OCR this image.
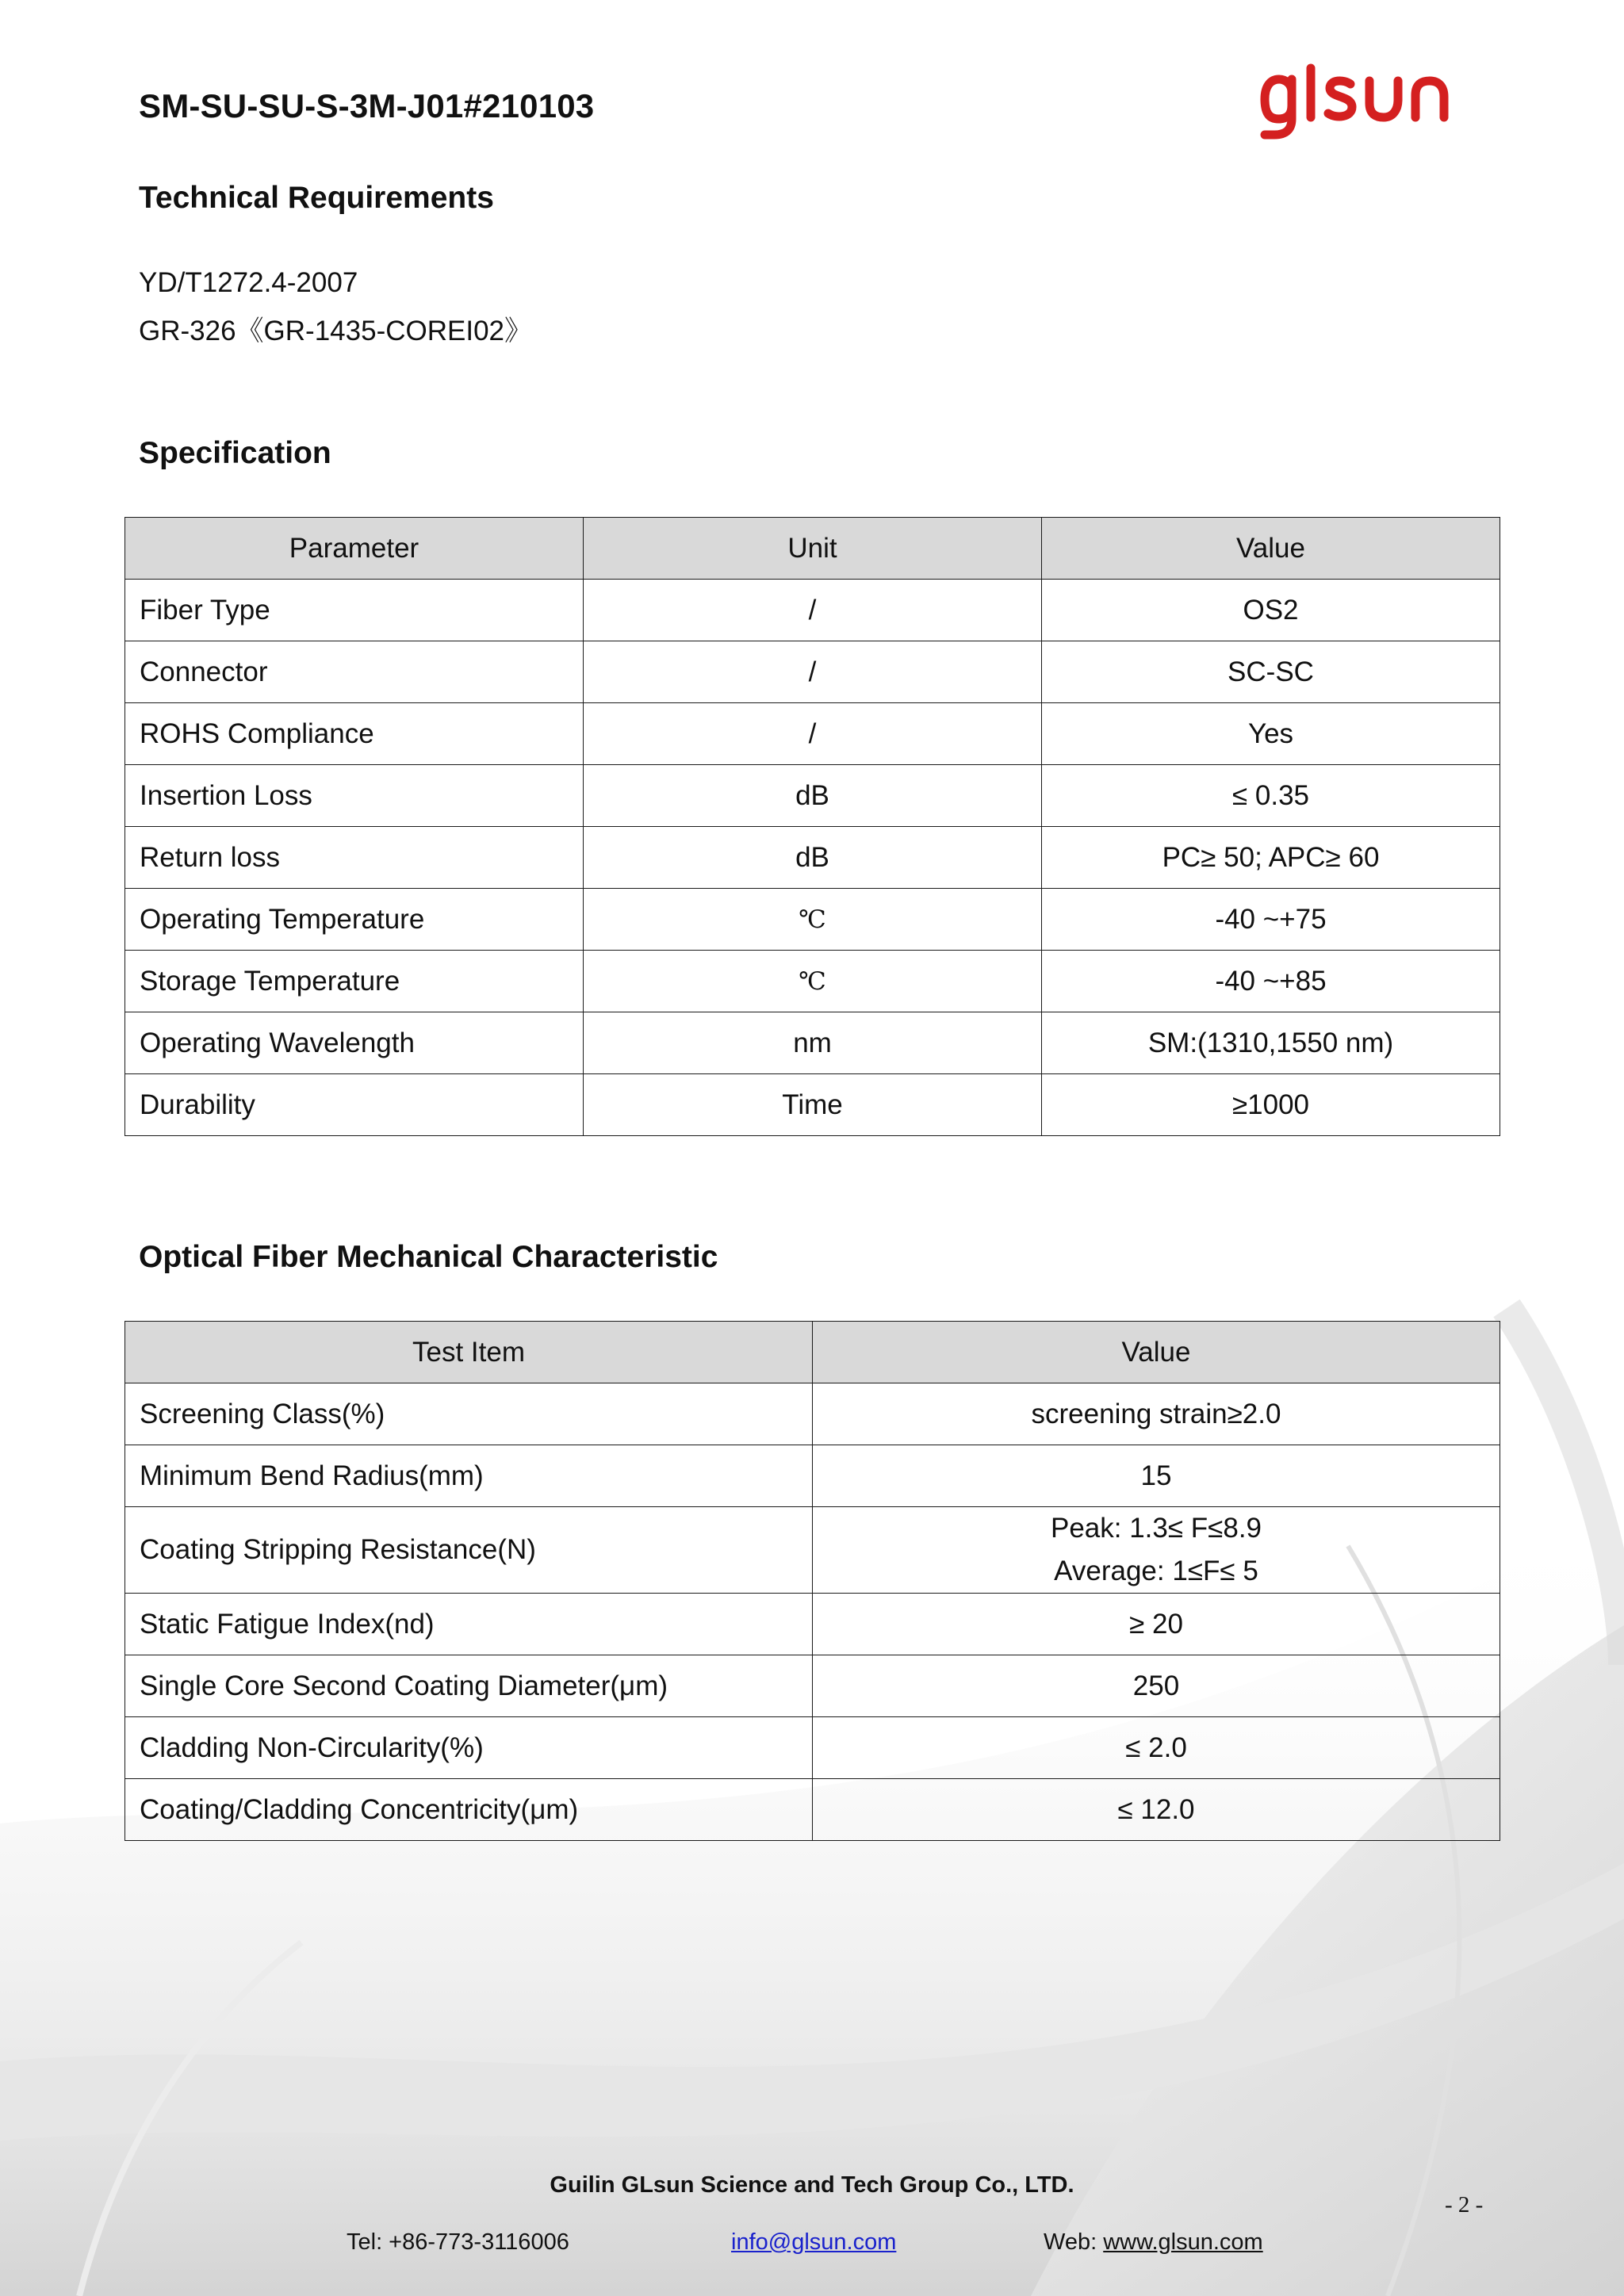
SM-SU-SU-S-3M-J01#210103
Technical Requirements
YD/T1272.4-2007
GR-326《GR-1435-COREI02》
Specification
Parameter	Unit	Value
Fiber Type	/	OS2
Connector	/	SC-SC
ROHS Compliance	/	Yes
Insertion Loss	dB	≤ 0.35
Return loss	dB	PC≥ 50; APC≥ 60
Operating Temperature	℃	-40 ~+75
Storage Temperature	℃	-40 ~+85
Operating Wavelength	nm	SM:(1310,1550 nm)
Durability	Time	≥1000
Optical Fiber Mechanical Characteristic
Test Item	Value
Screening Class(%)	screening strain≥2.0
Minimum Bend Radius(mm)	15
Coating Stripping Resistance(N)	Peak: 1.3≤ F≤8.9
Average: 1≤F≤ 5

Static Fatigue Index(nd)	≥ 20
Single Core Second Coating Diameter(μm)	250
Cladding Non-Circularity(%)	≤ 2.0
Coating/Cladding Concentricity(μm)	≤ 12.0
Guilin GLsun Science and Tech Group Co., LTD.
- 2 -
Tel: +86-773-3116006	info@glsun.com	Web: www.glsun.com
